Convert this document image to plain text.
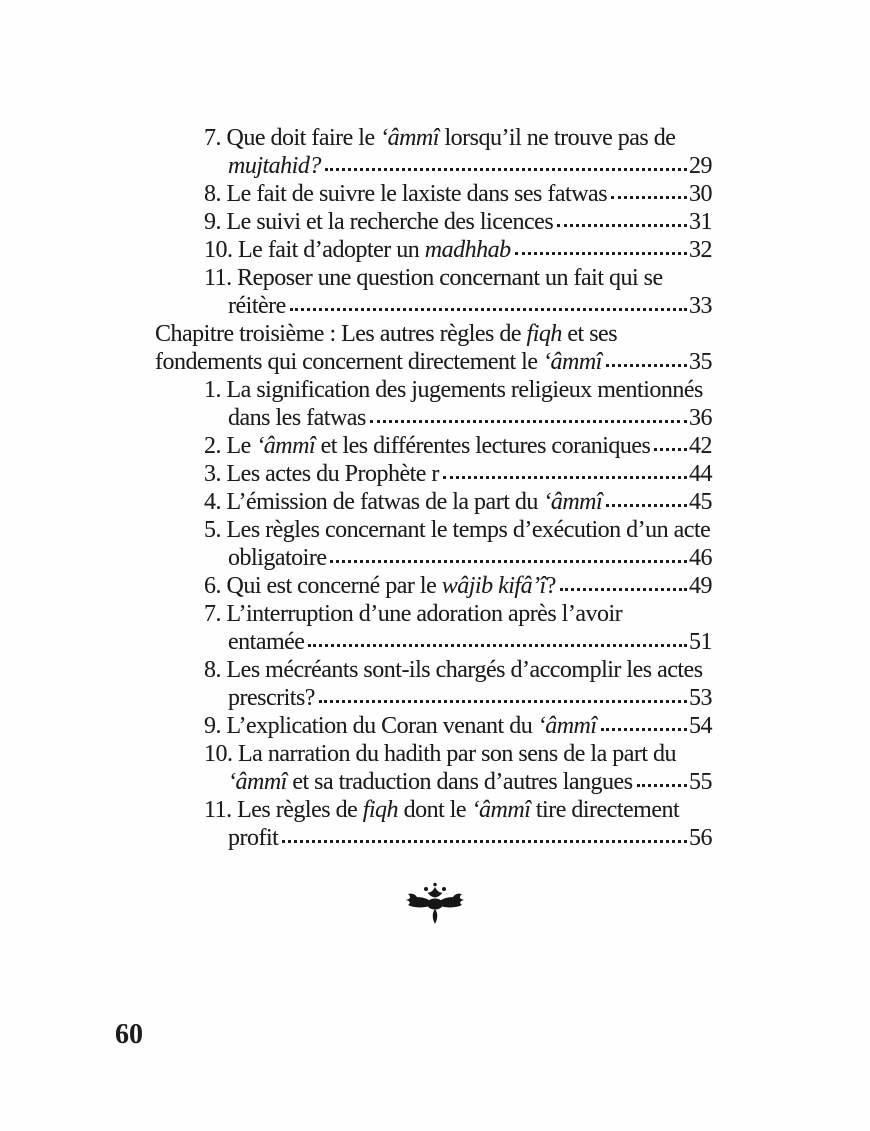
7. Que doit faire le ‘âmmî lorsqu’il ne trouve pas de
mujtahid?	29
8. Le fait de suivre le laxiste dans ses fatwas	30
9. Le suivi et la recherche des licences	31
10. Le fait d’adopter un madhhab	32
11. Reposer une question concernant un fait qui se
réitère	33
Chapitre troisième : Les autres règles de fiqh et ses
fondements qui concernent directement le ‘âmmî	35
1. La signification des jugements religieux mentionnés
dans les fatwas	36
2. Le ‘âmmî et les différentes lectures coraniques 42
3. Les actes du Prophète r	44
4. L’émission de fatwas de la part du ‘âmmî	45
5. Les règles concernant le temps d’exécution d’un acte
obligatoire	46
6. Qui est concerné par le wâjib kifâ’î?	49
7. L’interruption d’une adoration après l’avoir
entamée	51
8. Les mécréants sont-ils chargés d’accomplir les actes
prescrits?	53
9. L’explication du Coran venant du ‘âmmî	54
10. La narration du hadith par son sens de la part du
‘âmmî et sa traduction dans d’autres langues 55
11. Les règles de fiqh dont le ‘âmmî tire directement
profit	56
60
